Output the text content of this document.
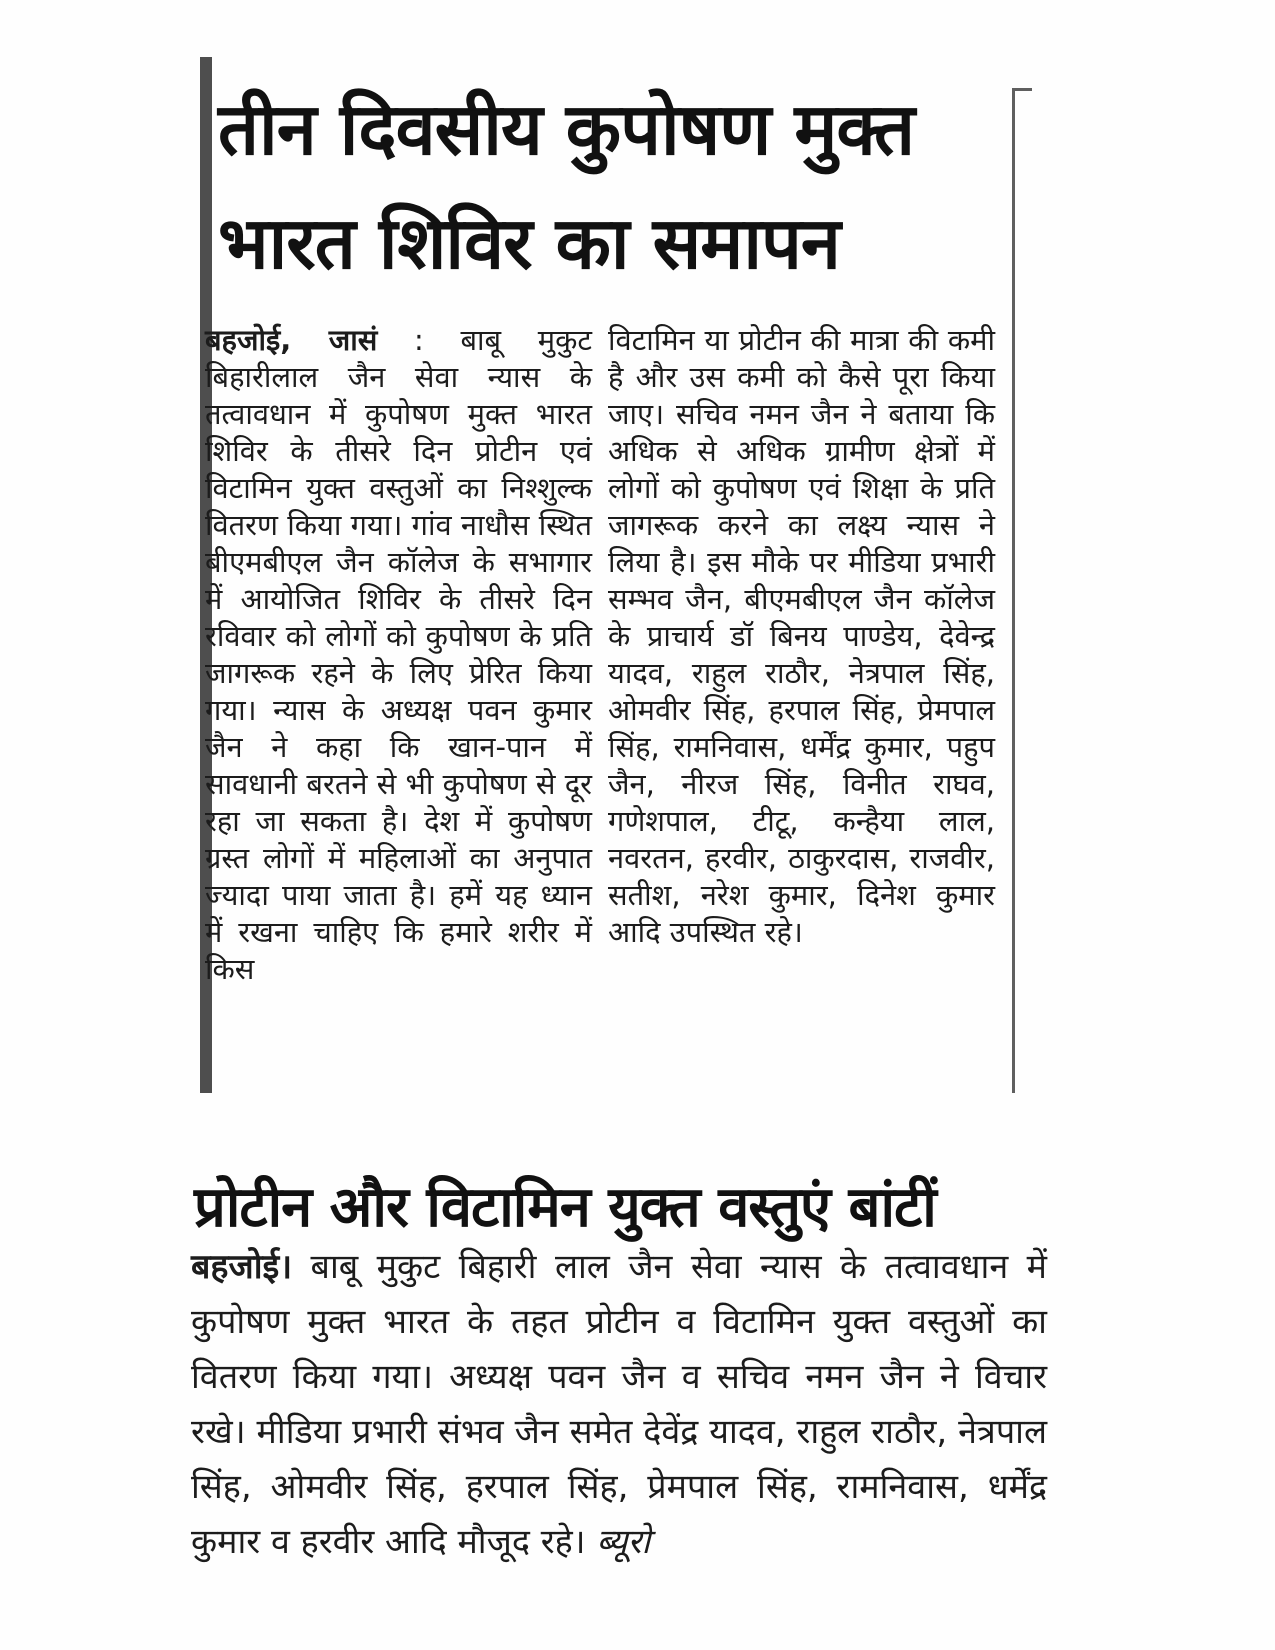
तीन दिवसीय कुपोषण मुक्त
भारत शिविर का समापन
बहजोई, जासं : बाबू मुकुट बिहारीलाल जैन सेवा न्यास के तत्वावधान में कुपोषण मुक्त भारत शिविर के तीसरे दिन प्रोटीन एवं विटामिन युक्त वस्तुओं का निश्शुल्क वितरण किया गया। गांव नाधौस स्थित बीएमबीएल जैन कॉलेज के सभागार में आयोजित शिविर के तीसरे दिन रविवार को लोगों को कुपोषण के प्रति जागरूक रहने के लिए प्रेरित किया गया। न्यास के अध्यक्ष पवन कुमार जैन ने कहा कि खान-पान में सावधानी बरतने से भी कुपोषण से दूर रहा जा सकता है। देश में कुपोषण ग्रस्त लोगों में महिलाओं का अनुपात ज्यादा पाया जाता है। हमें यह ध्यान में रखना चाहिए कि हमारे शरीर में किस
विटामिन या प्रोटीन की मात्रा की कमी है और उस कमी को कैसे पूरा किया जाए। सचिव नमन जैन ने बताया कि अधिक से अधिक ग्रामीण क्षेत्रों में लोगों को कुपोषण एवं शिक्षा के प्रति जागरूक करने का लक्ष्य न्यास ने लिया है। इस मौके पर मीडिया प्रभारी सम्भव जैन, बीएमबीएल जैन कॉलेज के प्राचार्य डॉ बिनय पाण्डेय, देवेन्द्र यादव, राहुल राठौर, नेत्रपाल सिंह, ओमवीर सिंह, हरपाल सिंह, प्रेमपाल सिंह, रामनिवास, धर्मेंद्र कुमार, पहुप जैन, नीरज सिंह, विनीत राघव, गणेशपाल, टीटू, कन्हैया लाल, नवरतन, हरवीर, ठाकुरदास, राजवीर, सतीश, नरेश कुमार, दिनेश कुमार आदि उपस्थित रहे।
प्रोटीन और विटामिन युक्त वस्तुएं बांटीं

बहजोई। बाबू मुकुट बिहारी लाल जैन सेवा न्यास के तत्वावधान में कुपोषण मुक्त भारत के तहत प्रोटीन व विटामिन युक्त वस्तुओं का वितरण किया गया। अध्यक्ष पवन जैन व सचिव नमन जैन ने विचार रखे। मीडिया प्रभारी संभव जैन समेत देवेंद्र यादव, राहुल राठौर, नेत्रपाल सिंह, ओमवीर सिंह, हरपाल सिंह, प्रेमपाल सिंह, रामनिवास, धर्मेंद्र कुमार व हरवीर आदि मौजूद रहे। ब्यूरो
